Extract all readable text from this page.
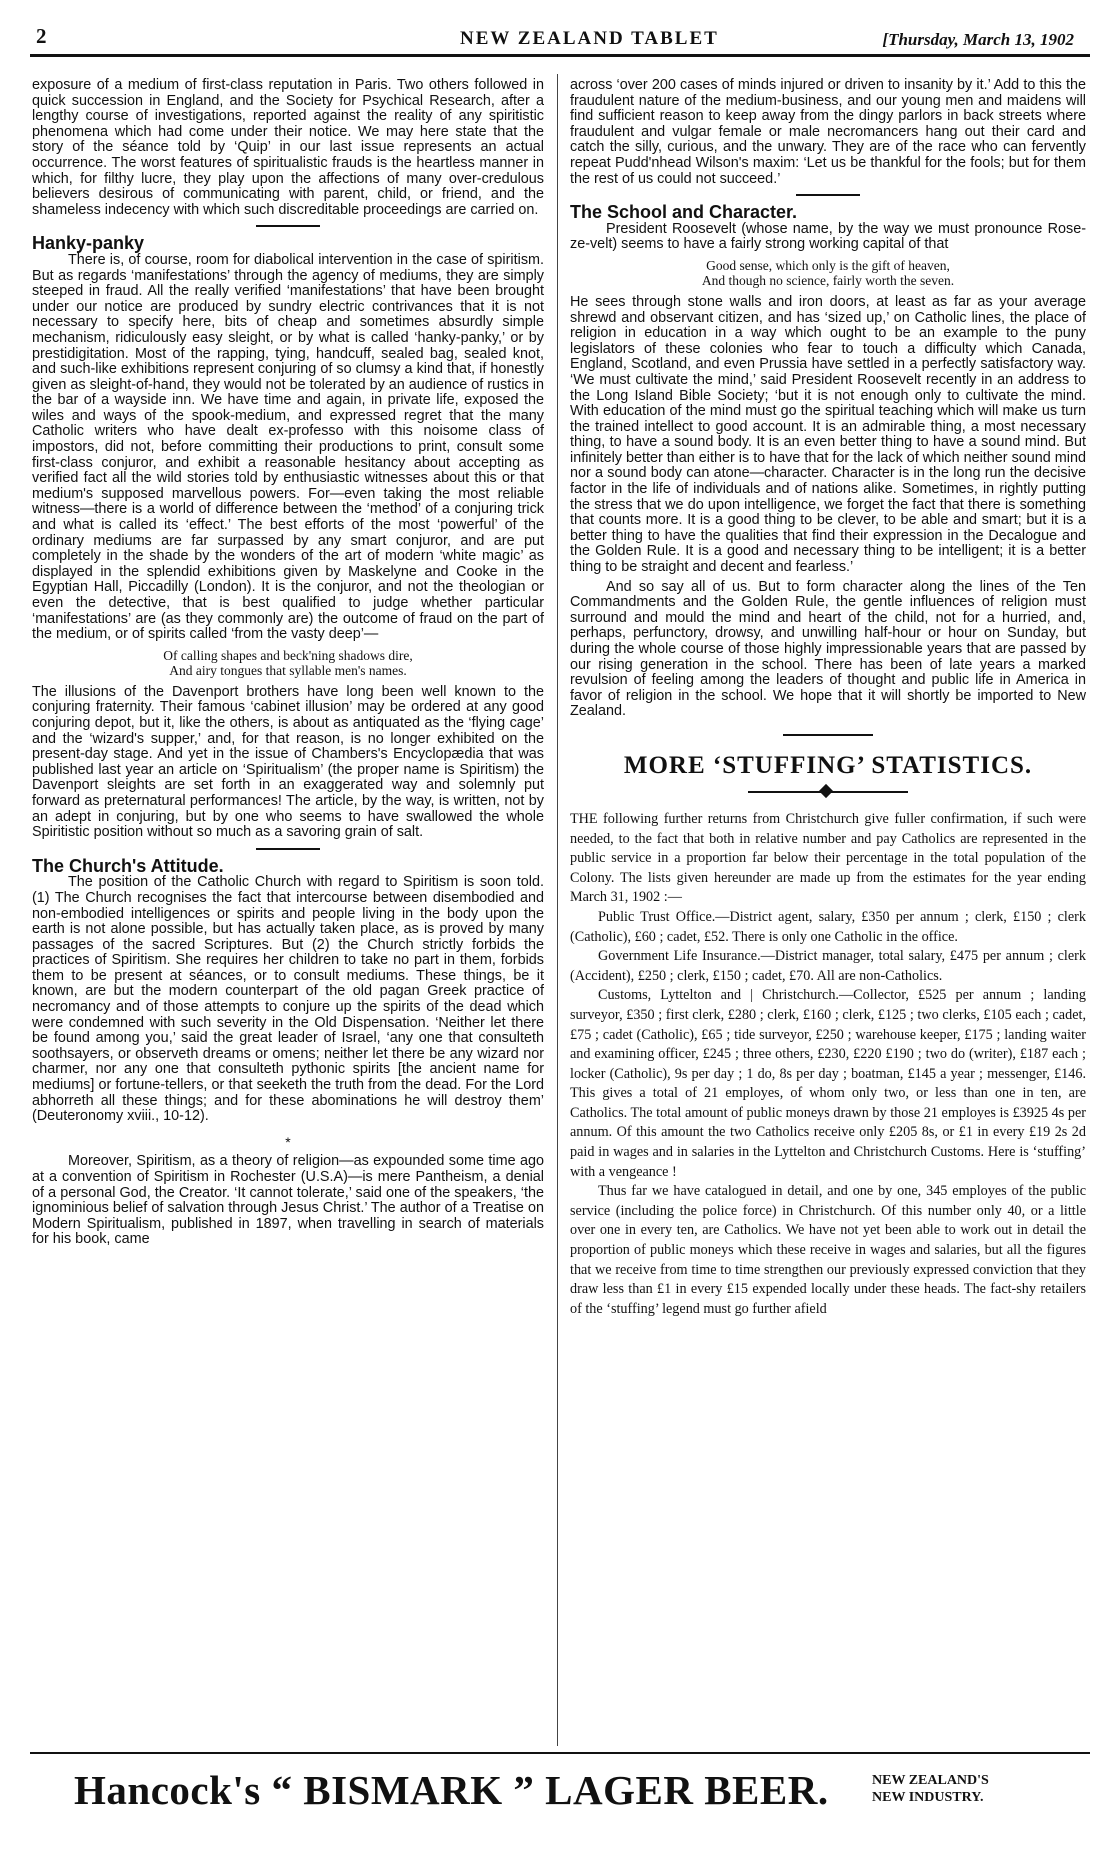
2	NEW ZEALAND TABLET	[Thursday, March 13, 1902

exposure of a medium of first-class reputation in Paris. Two others followed in quick succession in England, and the Society for Psychical Research, after a lengthy course of investigations, reported against the reality of any spiritistic phenomena which had come under their notice. We may here state that the story of the séance told by ‘Quip’ in our last issue represents an actual occurrence. The worst features of spiritualistic frauds is the heartless manner in which, for filthy lucre, they play upon the affections of many over-credulous believers desirous of communicating with parent, child, or friend, and the shameless indecency with which such discreditable proceedings are carried on.

Hanky-panky

There is, of course, room for diabolical intervention in the case of spiritism. But as regards ‘manifestations’ through the agency of mediums, they are simply steeped in fraud. All the really verified ‘manifestations’ that have been brought under our notice are produced by sundry electric contrivances that it is not necessary to specify here, bits of cheap and sometimes absurdly simple mechanism, ridiculously easy sleight, or by what is called ‘hanky-panky,’ or by prestidigitation. Most of the rapping, tying, handcuff, sealed bag, sealed knot, and such-like exhibitions represent conjuring of so clumsy a kind that, if honestly given as sleight-of-hand, they would not be tolerated by an audience of rustics in the bar of a wayside inn. We have time and again, in private life, exposed the wiles and ways of the spook-medium, and expressed regret that the many Catholic writers who have dealt ex-professo with this noisome class of impostors, did not, before committing their productions to print, consult some first-class conjuror, and exhibit a reasonable hesitancy about accepting as verified fact all the wild stories told by enthusiastic witnesses about this or that medium's supposed marvellous powers. For—even taking the most reliable witness—there is a world of difference between the ‘method’ of a conjuring trick and what is called its ‘effect.’ The best efforts of the most ‘powerful’ of the ordinary mediums are far surpassed by any smart conjuror, and are put completely in the shade by the wonders of the art of modern ‘white magic’ as displayed in the splendid exhibitions given by Maskelyne and Cooke in the Egyptian Hall, Piccadilly (London). It is the conjuror, and not the theologian or even the detective, that is best qualified to judge whether particular ‘manifestations’ are (as they commonly are) the outcome of fraud on the part of the medium, or of spirits called ‘from the vasty deep’—

Of calling shapes and beck'ning shadows dire,
And airy tongues that syllable men's names.

The illusions of the Davenport brothers have long been well known to the conjuring fraternity. Their famous ‘cabinet illusion’ may be ordered at any good conjuring depot, but it, like the others, is about as antiquated as the ‘flying cage’ and the ‘wizard's supper,’ and, for that reason, is no longer exhibited on the present-day stage. And yet in the issue of Chambers's Encyclopædia that was published last year an article on ‘Spiritualism’ (the proper name is Spiritism) the Davenport sleights are set forth in an exaggerated way and solemnly put forward as preternatural performances! The article, by the way, is written, not by an adept in conjuring, but by one who seems to have swallowed the whole Spiritistic position without so much as a savoring grain of salt.

The Church's Attitude.

The position of the Catholic Church with regard to Spiritism is soon told. (1) The Church recognises the fact that intercourse between disembodied and non-embodied intelligences or spirits and people living in the body upon the earth is not alone possible, but has actually taken place, as is proved by many passages of the sacred Scriptures. But (2) the Church strictly forbids the practices of Spiritism. She requires her children to take no part in them, forbids them to be present at séances, or to consult mediums. These things, be it known, are but the modern counterpart of the old pagan Greek practice of necromancy and of those attempts to conjure up the spirits of the dead which were condemned with such severity in the Old Dispensation. ‘Neither let there be found among you,’ said the great leader of Israel, ‘any one that consulteth soothsayers, or observeth dreams or omens; neither let there be any wizard nor charmer, nor any one that consulteth pythonic spirits [the ancient name for mediums] or fortune-tellers, or that seeketh the truth from the dead. For the Lord abhorreth all these things; and for these abominations he will destroy them’ (Deuteronomy xviii., 10-12).

*

Moreover, Spiritism, as a theory of religion—as expounded some time ago at a convention of Spiritism in Rochester (U.S.A)—is mere Pantheism, a denial of a personal God, the Creator. ‘It cannot tolerate,’ said one of the speakers, ‘the ignominious belief of salvation through Jesus Christ.’ The author of a Treatise on Modern Spiritualism, published in 1897, when travelling in search of materials for his book, came

across ‘over 200 cases of minds injured or driven to insanity by it.’ Add to this the fraudulent nature of the medium-business, and our young men and maidens will find sufficient reason to keep away from the dingy parlors in back streets where fraudulent and vulgar female or male necromancers hang out their card and catch the silly, curious, and the unwary. They are of the race who can fervently repeat Pudd'nhead Wilson's maxim: ‘Let us be thankful for the fools; but for them the rest of us could not succeed.’

The School and Character.

President Roosevelt (whose name, by the way we must pronounce Rose-ze-velt) seems to have a fairly strong working capital of that

Good sense, which only is the gift of heaven,
And though no science, fairly worth the seven.

He sees through stone walls and iron doors, at least as far as your average shrewd and observant citizen, and has ‘sized up,’ on Catholic lines, the place of religion in education in a way which ought to be an example to the puny legislators of these colonies who fear to touch a difficulty which Canada, England, Scotland, and even Prussia have settled in a perfectly satisfactory way. ‘We must cultivate the mind,’ said President Roosevelt recently in an address to the Long Island Bible Society; ‘but it is not enough only to cultivate the mind. With education of the mind must go the spiritual teaching which will make us turn the trained intellect to good account. It is an admirable thing, a most necessary thing, to have a sound body. It is an even better thing to have a sound mind. But infinitely better than either is to have that for the lack of which neither sound mind nor a sound body can atone—character. Character is in the long run the decisive factor in the life of individuals and of nations alike. Sometimes, in rightly putting the stress that we do upon intelligence, we forget the fact that there is something that counts more. It is a good thing to be clever, to be able and smart; but it is a better thing to have the qualities that find their expression in the Decalogue and the Golden Rule. It is a good and necessary thing to be intelligent; it is a better thing to be straight and decent and fearless.’

And so say all of us. But to form character along the lines of the Ten Commandments and the Golden Rule, the gentle influences of religion must surround and mould the mind and heart of the child, not for a hurried, and, perhaps, perfunctory, drowsy, and unwilling half-hour or hour on Sunday, but during the whole course of those highly impressionable years that are passed by our rising generation in the school. There has been of late years a marked revulsion of feeling among the leaders of thought and public life in America in favor of religion in the school. We hope that it will shortly be imported to New Zealand.

MORE ‘STUFFING’ STATISTICS.

THE following further returns from Christchurch give fuller confirmation, if such were needed, to the fact that both in relative number and pay Catholics are represented in the public service in a proportion far below their percentage in the total population of the Colony. The lists given hereunder are made up from the estimates for the year ending March 31, 1902 :—

Public Trust Office.—District agent, salary, £350 per annum ; clerk, £150 ; clerk (Catholic), £60 ; cadet, £52. There is only one Catholic in the office.

Government Life Insurance.—District manager, total salary, £475 per annum ; clerk (Accident), £250 ; clerk, £150 ; cadet, £70. All are non-Catholics.

Customs, Lyttelton and | Christchurch.—Collector, £525 per annum ; landing surveyor, £350 ; first clerk, £280 ; clerk, £160 ; clerk, £125 ; two clerks, £105 each ; cadet, £75 ; cadet (Catholic), £65 ; tide surveyor, £250 ; warehouse keeper, £175 ; landing waiter and examining officer, £245 ; three others, £230, £220 £190 ; two do (writer), £187 each ; locker (Catholic), 9s per day ; 1 do, 8s per day ; boatman, £145 a year ; messenger, £146. This gives a total of 21 employes, of whom only two, or less than one in ten, are Catholics. The total amount of public moneys drawn by those 21 employes is £3925 4s per annum. Of this amount the two Catholics receive only £205 8s, or £1 in every £19 2s 2d paid in wages and in salaries in the Lyttelton and Christchurch Customs. Here is ‘stuffing’ with a vengeance !

Thus far we have catalogued in detail, and one by one, 345 employes of the public service (including the police force) in Christchurch. Of this number only 40, or a little over one in every ten, are Catholics. We have not yet been able to work out in detail the proportion of public moneys which these receive in wages and salaries, but all the figures that we receive from time to time strengthen our previously expressed conviction that they draw less than £1 in every £15 expended locally under these heads. The fact-shy retailers of the ‘stuffing’ legend must go further afield

Hancock's “ BISMARK ” LAGER BEER.	NEW ZEALAND'S
NEW INDUSTRY.
